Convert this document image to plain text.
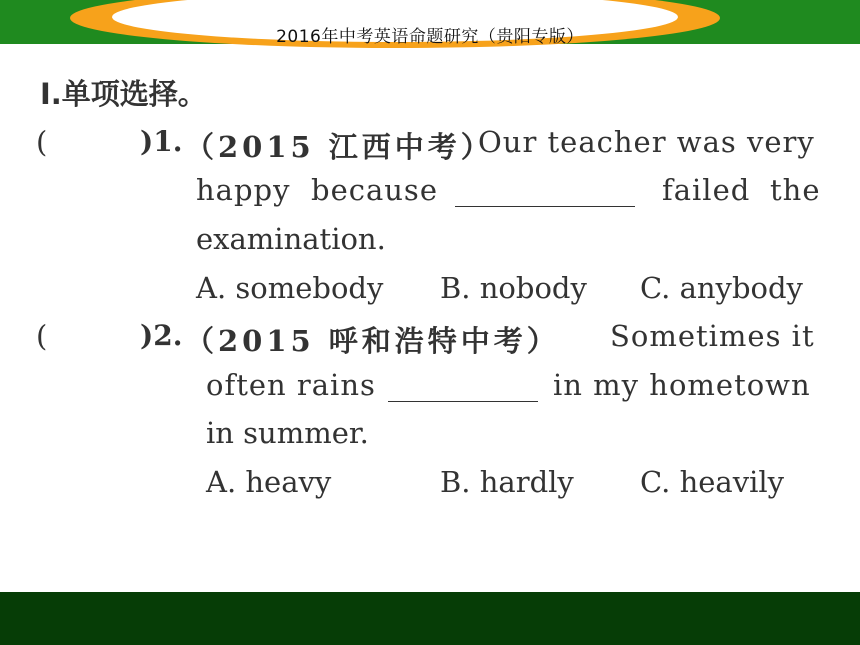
2016年中考英语命题研究（贵阳专版）
Ⅰ.单项选择。
(	)1. （2015 江西中考）
Our teacher was very
happy because	failed the
examination.
A. somebody B. nobody C. anybody
(	)2. （2015 呼和浩特中考） Sometimes it
often rains	in my hometown
in summer.
A. heavy	B. hardly C. heavily
